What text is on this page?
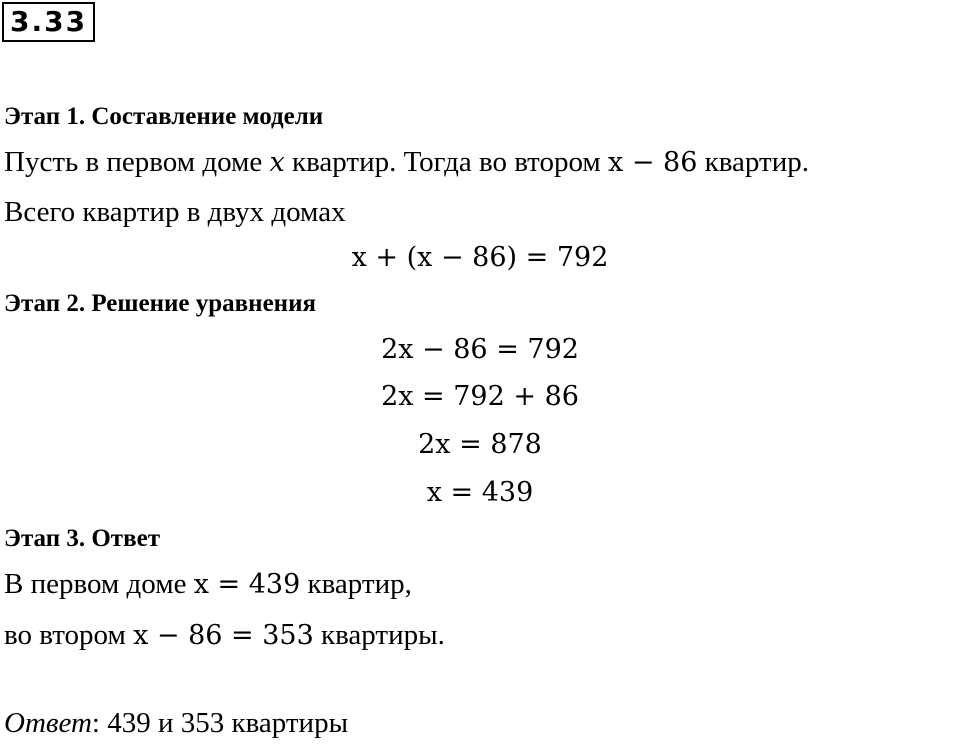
3.33
Этап 1. Составление модели
Пусть в первом доме x квартир. Тогда во втором x − 86 квартир.
Всего квартир в двух домах
x + (x − 86) = 792
Этап 2. Решение уравнения
2x − 86 = 792
2x = 792 + 86
2x = 878
x = 439
Этап 3. Ответ
В первом доме x = 439 квартир,
во втором x − 86 = 353 квартиры.
Ответ: 439 и 353 квартиры
